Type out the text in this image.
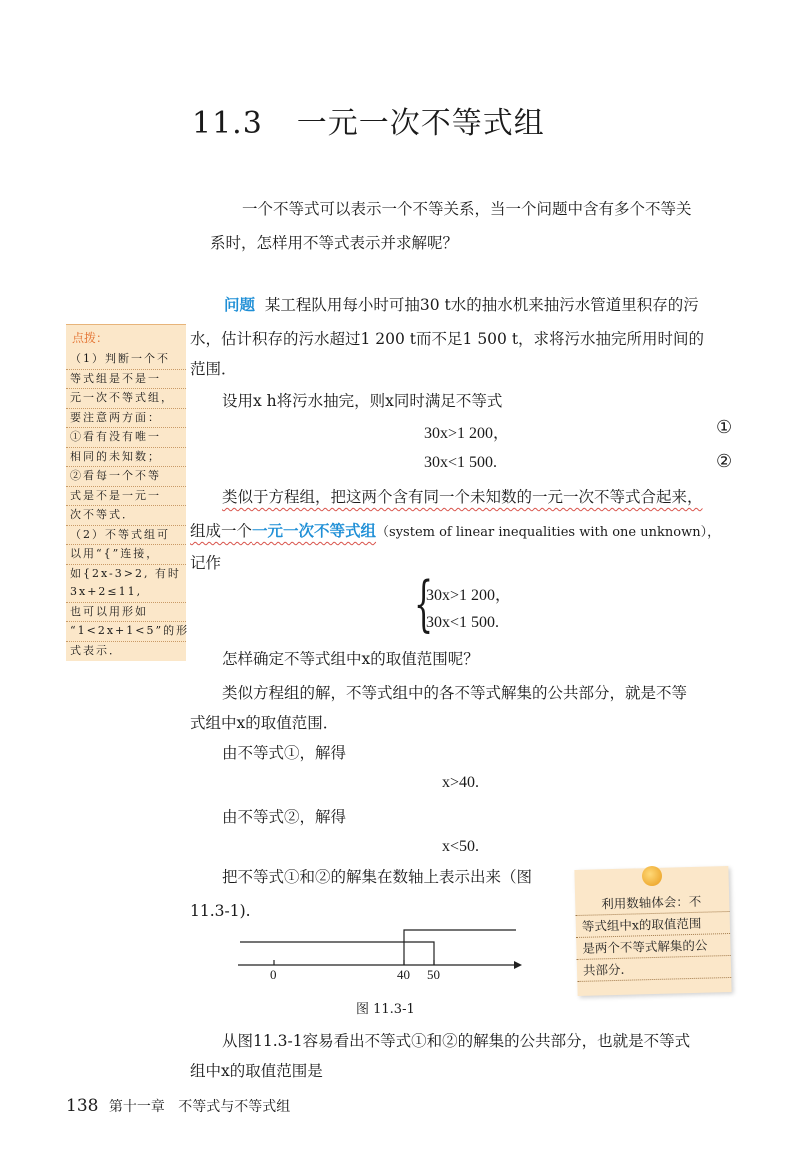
11.3 一元一次不等式组
一个不等式可以表示一个不等关系，当一个问题中含有多个不等关
系时，怎样用不等式表示并求解呢？
问题 某工程队用每小时可抽30 t水的抽水机来抽污水管道里积存的污
水，估计积存的污水超过1 200 t而不足1 500 t，求将污水抽完所用时间的
范围．
设用x h将污水抽完，则x同时满足不等式
30x>1 200，	①
30x<1 500.	②
类似于方程组，把这两个含有同一个未知数的一元一次不等式合起来，
组成一个一元一次不等式组（system of linear inequalities with one unknown），
记作
{
30x>1 200，
30x<1 500.
怎样确定不等式组中x的取值范围呢？
类似方程组的解，不等式组中的各不等式解集的公共部分，就是不等
式组中x的取值范围．
由不等式①，解得
x>40.
由不等式②，解得
x<50.
把不等式①和②的解集在数轴上表示出来（图
11.3-1).
0	40 50
图 11.3-1
从图11.3-1容易看出不等式①和②的解集的公共部分，也就是不等式
组中x的取值范围是
点拨：
（1）判断一个不
等式组是不是一
元一次不等式组，
要注意两方面：
①看有没有唯一
相同的未知数；
②看每一个不等
式是不是一元一
次不等式．
（2）不等式组可
以用“{”连接，
如{2x-3>2, 有时
3x+2≤11,
也可以用形如
“1<2x+1<5”的形
式表示．
利用数轴体会：不
等式组中x的取值范围
是两个不等式解集的公
共部分．
138 第十一章 不等式与不等式组
